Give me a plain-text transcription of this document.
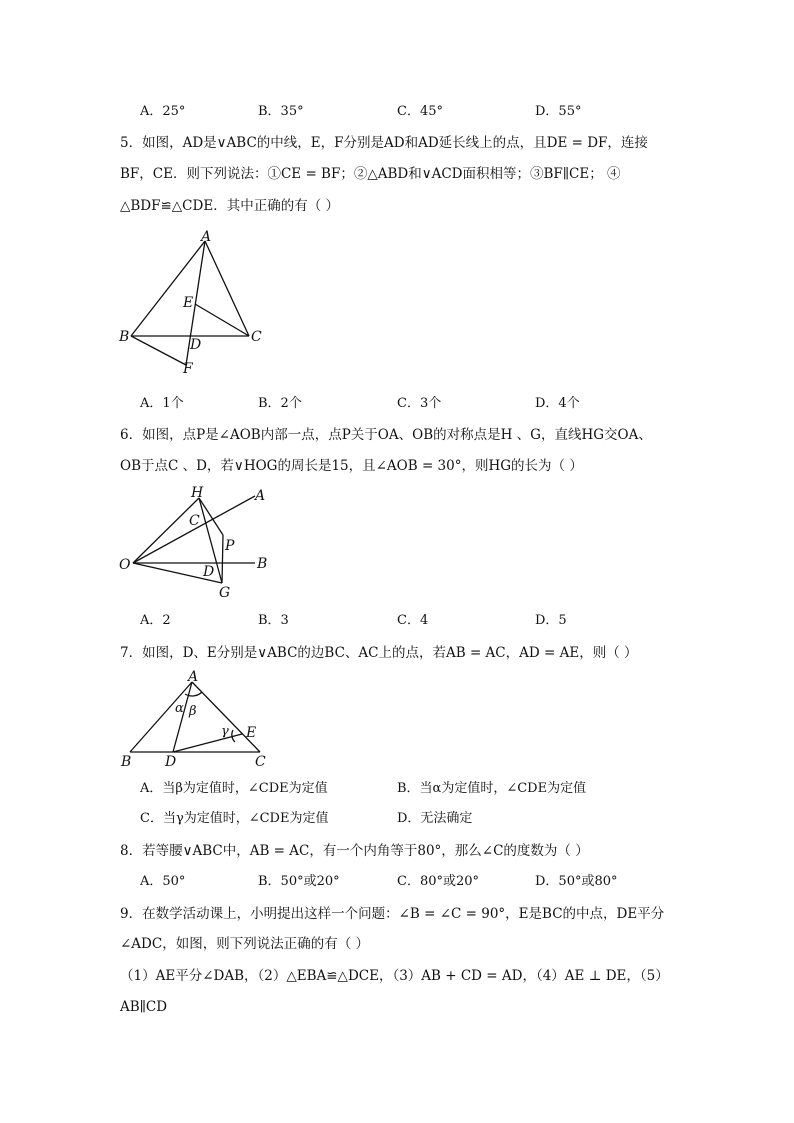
A．25°	B．35°	C．45°	D．55°
5．如图，AD是∨ABC的中线，E，F分别是AD和AD延长线上的点，且DE = DF，连接
BF，CE．则下列说法：①CE = BF；②△ABD和∨ACD面积相等；③BF∥CE； ④
△BDF≌△CDE．其中正确的有（ ）
A
E
B	D	C
F
A．1个	B．2个	C．3个	D．4个
6．如图，点P是∠AOB内部一点，点P关于OA、OB的对称点是H 、G，直线HG交OA、
OB于点C 、D，若∨HOG的周长是15，且∠AOB = 30°，则HG的长为（ ）
H	A
C
P
O	D	B
G
A．2	B．3	C．4	D．5
7．如图，D、E分别是∨ABC的边BC、AC上的点，若AB = AC，AD = AE，则（ ）
A
α β
γ E
B D	C
A．当β为定值时，∠CDE为定值	B．当α为定值时，∠CDE为定值
C．当γ为定值时，∠CDE为定值	D．无法确定
8．若等腰∨ABC中，AB = AC，有一个内角等于80°，那么∠C的度数为（ ）
A．50°	B．50°或20°	C．80°或20°	D．50°或80°
9．在数学活动课上，小明提出这样一个问题：∠B = ∠C = 90°，E是BC的中点，DE平分
∠ADC，如图，则下列说法正确的有（ ）
（1）AE平分∠DAB，（2）△EBA≌△DCE，（3）AB + CD = AD，（4）AE ⊥ DE，（5）
AB∥CD
